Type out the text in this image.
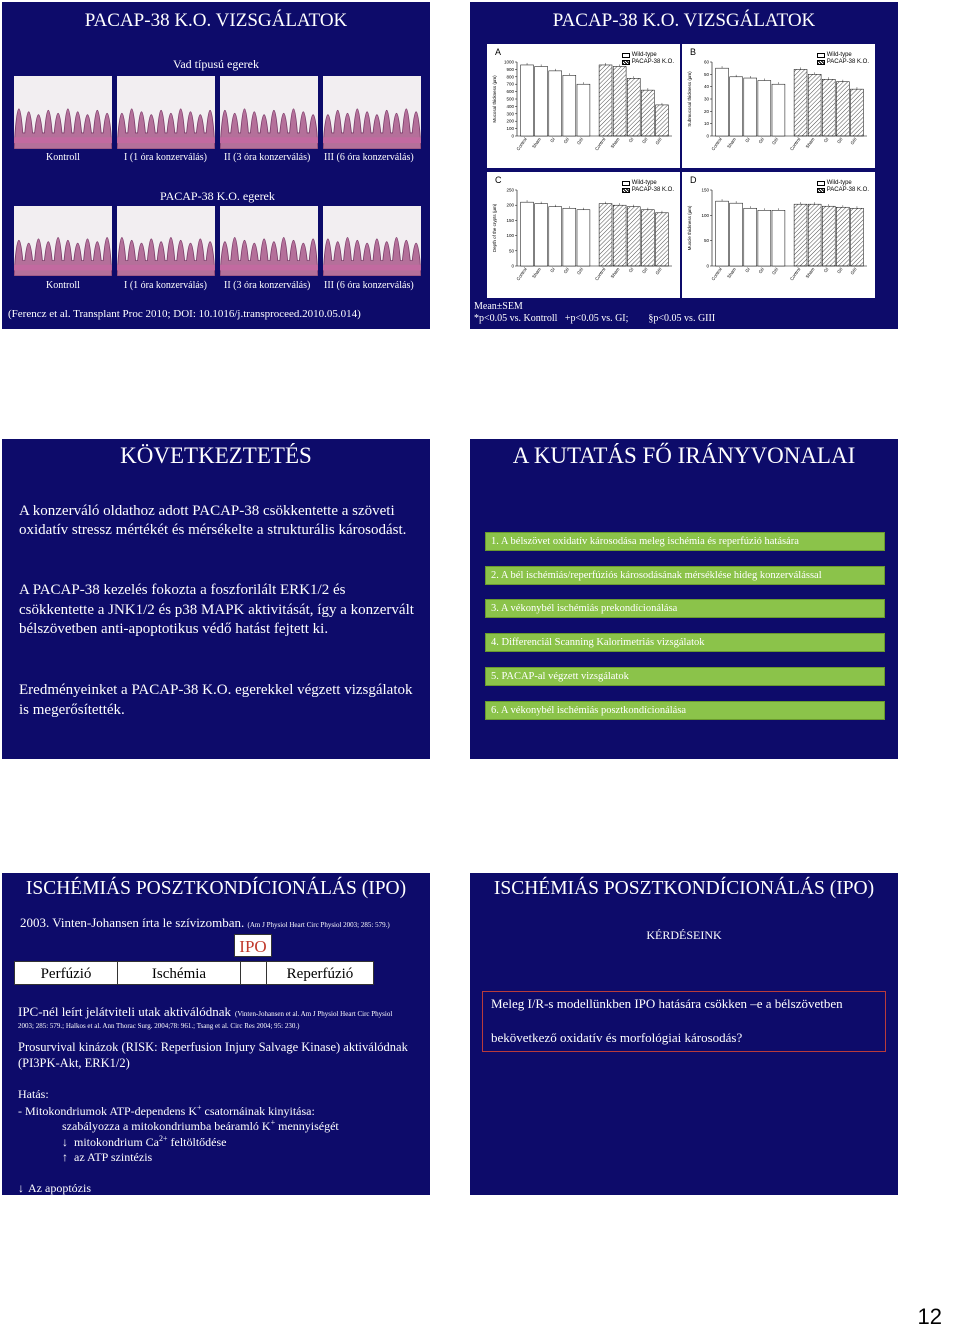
PACAP-38 K.O. VIZSGÁLATOK
Vad típusú egerek
Kontroll	I (1 óra konzerválás) II (3 óra konzerválás) III (6 óra konzerválás)
PACAP-38 K.O. egerek
Kontroll	I (1 óra konzerválás) II (3 óra konzerválás) III (6 óra konzerválás)
(Ferencz et al. Transplant Proc 2010; DOI: 10.1016/j.transproceed.2010.05.014)
PACAP-38 K.O. VIZSGÁLATOK
A	Wild-type
PACAP-38 K.O.
Mucosal thickness (µm)
0
100
200
300
400
500
600
700
800
900
1000
Control Sham GI GII GIII Control Sham GI GII GIII
B	Wild-type
PACAP-38 K.O.
Submucosal thickness (µm)
0
10
20
30
40
50
60
Control Sham GI GII GIII Control Sham GI GII GIII
C	Wild-type
PACAP-38 K.O.
Depth of the crypts (µm)
0
50
100
150
200
250
Control Sham GI GII GIII Control Sham GI GII GIII
D	Wild-type
PACAP-38 K.O.
Muscle thickness (µm)
0
50
100
150
Control Sham GI GII GIII Control Sham GI GII GIII
Mean±SEM
*p<0.05 vs. Kontroll   +p<0.05 vs. GI;        §p<0.05 vs. GIII
KÖVETKEZTETÉS
A konzerváló oldathoz adott PACAP-38 csökkentette a szöveti oxidatív stressz mértékét és mérsékelte a strukturális károsodást.
A PACAP-38 kezelés fokozta a foszforilált ERK1/2 és csökkentette a JNK1/2 és p38 MAPK aktivitását, így a konzervált bélszövetben anti-apoptotikus védő hatást fejtett ki.
Eredményeinket a PACAP-38 K.O. egerekkel végzett vizsgálatok is megerősítették.
A KUTATÁS FŐ IRÁNYVONALAI
1. A bélszövet oxidatív károsodása meleg ischémia és reperfúzió hatására
2. A bél ischémiás/reperfúziós károsodásának mérséklése hideg konzerválással
3. A vékonybél ischémiás prekondícionálása
4. Differenciál Scanning Kalorimetriás vizsgálatok
5. PACAP-al végzett vizsgálatok
6. A vékonybél ischémiás posztkondícionálása
ISCHÉMIÁS POSZTKONDÍCIONÁLÁS (IPO)
2003. Vinten-Johansen írta le szívizomban. (Am J Physiol Heart Circ Physiol 2003; 285: 579.)
IPO
Perfúzió	Ischémia	Reperfúzió
IPC-nél leírt jelátviteli utak aktiválódnak (Vinten-Johansen et al. Am J Physiol Heart Circ Physiol
2003; 285: 579.; Halkos et al. Ann Thorac Surg. 2004;78: 961.; Tsang et al. Circ Res 2004; 95: 230.)
Prosurvival kinázok (RISK: Reperfusion Injury Salvage Kinase) aktiválódnak (PI3PK-Akt, ERK1/2)
Hatás:
- Mitokondriumok ATP-dependens K+ csatornáinak kinyitása:
szabályozza a mitokondriumba beáramló K+ mennyiségét
↓ mitokondrium $Ca^{2+}$ feltöltődése
↑ az ATP szintézis
↓ Az apoptózis
ISCHÉMIÁS POSZTKONDÍCIONÁLÁS (IPO)
KÉRDÉSEINK
Meleg I/R-s modellünkben IPO hatására csökken –e a bélszövetben
bekövetkező oxidatív és morfológiai károsodás?
12
